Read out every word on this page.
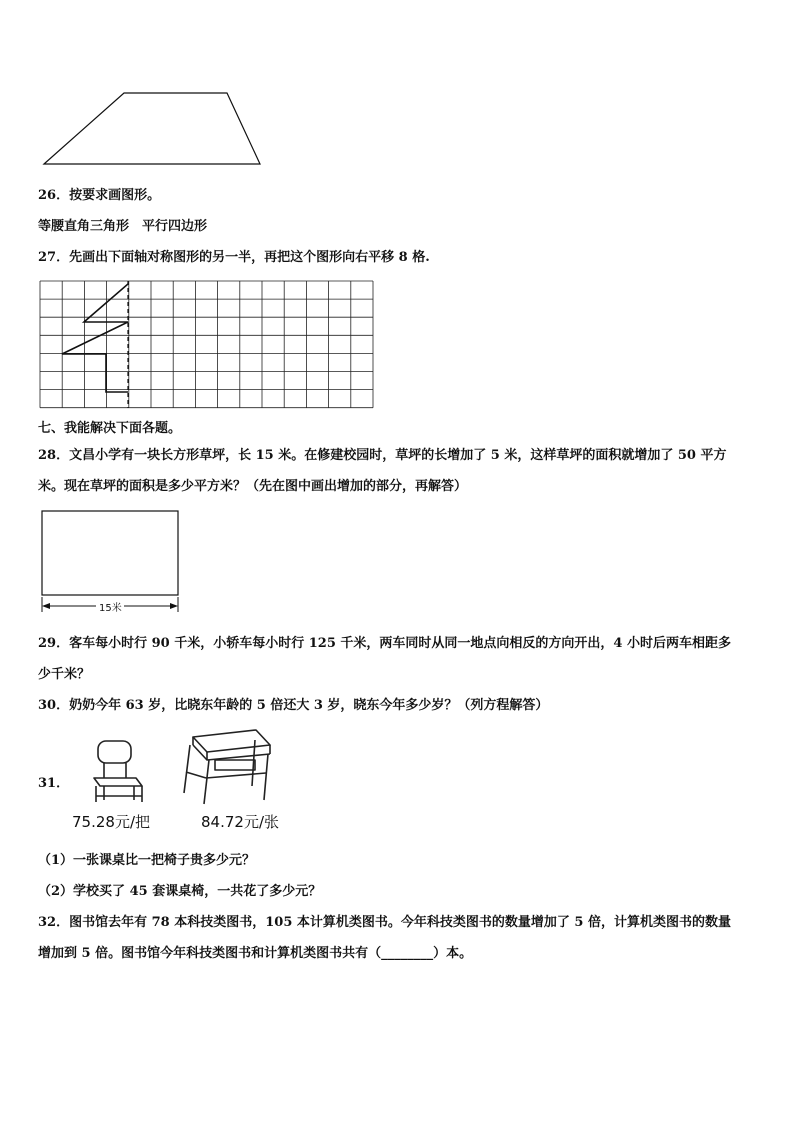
26．按要求画图形。
等腰直角三角形　平行四边形
27．先画出下面轴对称图形的另一半，再把这个图形向右平移 8 格.
七、我能解决下面各题。
28．文昌小学有一块长方形草坪，长 15 米。在修建校园时，草坪的长增加了 5 米，这样草坪的面积就增加了 50 平方
米。现在草坪的面积是多少平方米？（先在图中画出增加的部分，再解答）
15米
29．客车每小时行 90 千米，小轿车每小时行 125 千米，两车同时从同一地点向相反的方向开出，4 小时后两车相距多
少千米？
30．奶奶今年 63 岁，比晓东年龄的 5 倍还大 3 岁，晓东今年多少岁？（列方程解答）
31．
75.28元/把	84.72元/张
（1）一张课桌比一把椅子贵多少元？
（2）学校买了 45 套课桌椅，一共花了多少元？
32．图书馆去年有 78 本科技类图书，105 本计算机类图书。今年科技类图书的数量增加了 5 倍，计算机类图书的数量
增加到 5 倍。图书馆今年科技类图书和计算机类图书共有（________）本。
